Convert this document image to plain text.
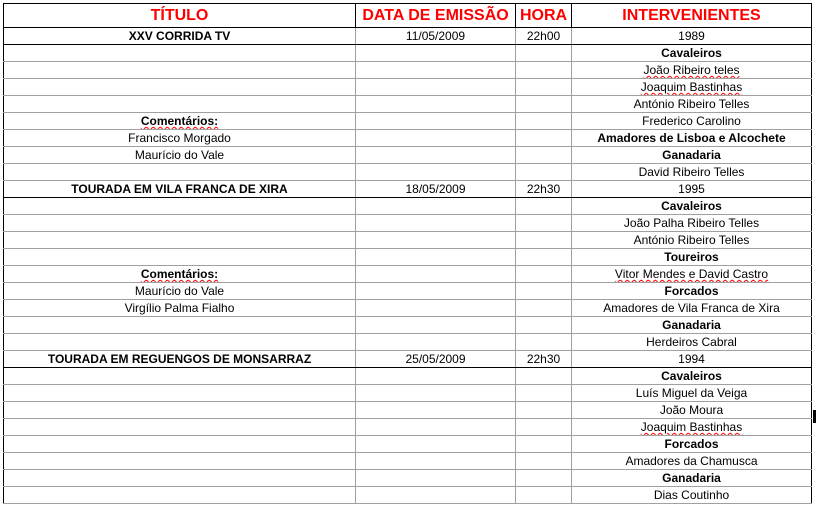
TÍTULO	DATA DE EMISSÃO	HORA	INTERVENIENTES
XXV CORRIDA TV	11/05/2009	22h00	1989
			Cavaleiros
			João Ribeiro teles
			Joaquim Bastinhas
			António Ribeiro Telles
Comentários:			Frederico Carolino
Francisco Morgado			Amadores de Lisboa e Alcochete
Maurício do Vale			Ganadaria
			David Ribeiro Telles
TOURADA EM VILA FRANCA DE XIRA	18/05/2009	22h30	1995
			Cavaleiros
			João Palha Ribeiro Telles
			António Ribeiro Telles
			Toureiros
Comentários:			Vitor Mendes e David Castro
Maurício do Vale			Forcados
Virgílio Palma Fialho			Amadores de Vila Franca de Xira
			Ganadaria
			Herdeiros Cabral
TOURADA EM REGUENGOS DE MONSARRAZ	25/05/2009	22h30	1994
			Cavaleiros
			Luís Miguel da Veiga
			João Moura
			Joaquim Bastinhas
			Forcados
			Amadores da Chamusca
			Ganadaria
			Dias Coutinho
